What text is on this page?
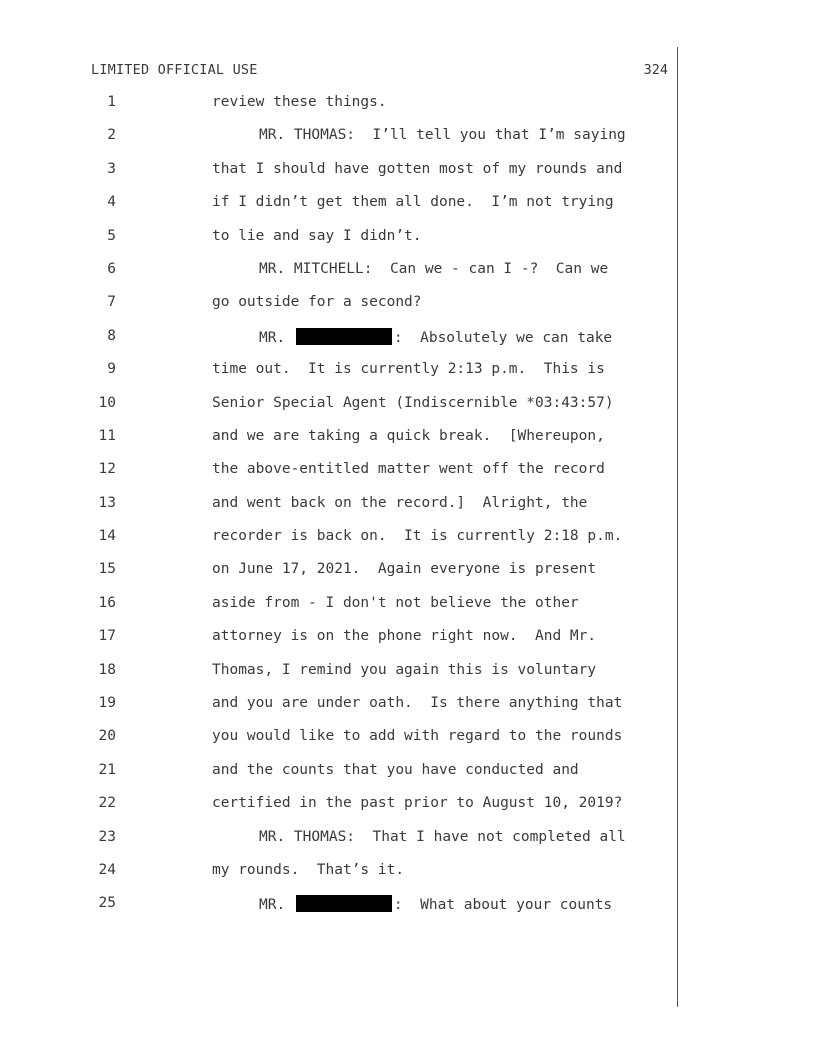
LIMITED OFFICIAL USE	324
1	review these things.
2	MR. THOMAS:  I’ll tell you that I’m saying
3	that I should have gotten most of my rounds and
4	if I didn’t get them all done.  I’m not trying
5	to lie and say I didn’t.
6	MR. MITCHELL:  Can we - can I -?  Can we
7	go outside for a second?
8	MR.	:  Absolutely we can take
9	time out.  It is currently 2:13 p.m.  This is
10	Senior Special Agent (Indiscernible *03:43:57)
11	and we are taking a quick break.  [Whereupon,
12	the above-entitled matter went off the record
13	and went back on the record.]  Alright, the
14	recorder is back on.  It is currently 2:18 p.m.
15	on June 17, 2021.  Again everyone is present
16	aside from - I don't not believe the other
17	attorney is on the phone right now.  And Mr.
18	Thomas, I remind you again this is voluntary
19	and you are under oath.  Is there anything that
20	you would like to add with regard to the rounds
21	and the counts that you have conducted and
22	certified in the past prior to August 10, 2019?
23	MR. THOMAS:  That I have not completed all
24	my rounds.  That’s it.
25	MR.	:  What about your counts
